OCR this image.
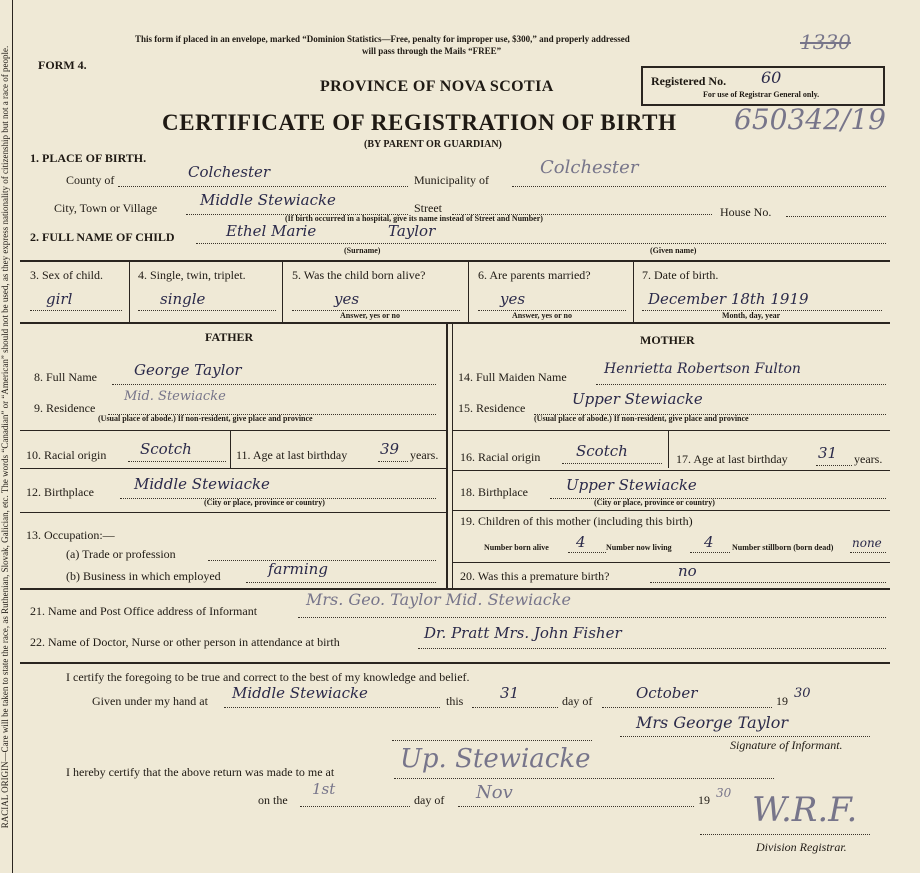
RACIAL ORIGIN—Care will be taken to state the race, as Ruthenian, Slovak, Galician, etc. The words “Canadian” or “American” should not be used, as they express nationality of citizenship but not a race of people.
This form if placed in an envelope, marked “Dominion Statistics—Free, penalty for improper use, $300,” and properly addressed
will pass through the Mails “FREE”	1330
FORM 4.
PROVINCE OF NOVA SCOTIA	Registered No. 60
For use of Registrar General only.
CERTIFICATE OF REGISTRATION OF BIRTH 650342/19
(BY PARENT OR GUARDIAN)
1. PLACE OF BIRTH.
County of	Colchester	Municipality of
Colchester
City, Town or Village	Middle Stewiacke	Street	House No.
(If birth occurred in a hospital, give its name instead of Street and Number)
2. FULL NAME OF CHILD	Ethel Marie	Taylor
(Surname)	(Given name)
3. Sex of child.
girl
4. Single, twin, triplet.
single
5. Was the child born alive?
yes
Answer, yes or no
6. Are parents married?
yes
Answer, yes or no
7. Date of birth.
December 18th 1919
Month, day, year
FATHER	MOTHER
8. Full Name George Taylor
9. Residence
Mid. Stewiacke
(Usual place of abode.) If non-resident, give place and province
10. Racial origin Scotch	11. Age at last birthday 39 years.
12. Birthplace	Middle Stewiacke
(City or place, province or country)
13. Occupation:—
(a) Trade or profession
(b) Business in which employed	farming
14. Full Maiden Name	Henrietta Robertson Fulton
15. Residence	Upper Stewiacke
(Usual place of abode.) If non-resident, give place and province
16. Racial origin Scotch	17. Age at last birthday 31 years.
18. Birthplace	Upper Stewiacke
(City or place, province or country)
19. Children of this mother (including this birth)
Number born alive 4	Number now living 4 Number stillborn (born dead) none
20. Was this a premature birth?	no
21. Name and Post Office address of Informant
Mrs. Geo. Taylor Mid. Stewiacke
22. Name of Doctor, Nurse or other person in attendance at birth	Dr. Pratt Mrs. John Fisher
I certify the foregoing to be true and correct to the best of my knowledge and belief.
Given under my hand at Middle Stewiacke	this 31	day of	October	19 30
Mrs George Taylor
Signature of Informant.
I hereby certify that the above return was made to me at	Up. Stewiacke
on the
1st
day of Nov	19 30 W.R.F.
Division Registrar.
